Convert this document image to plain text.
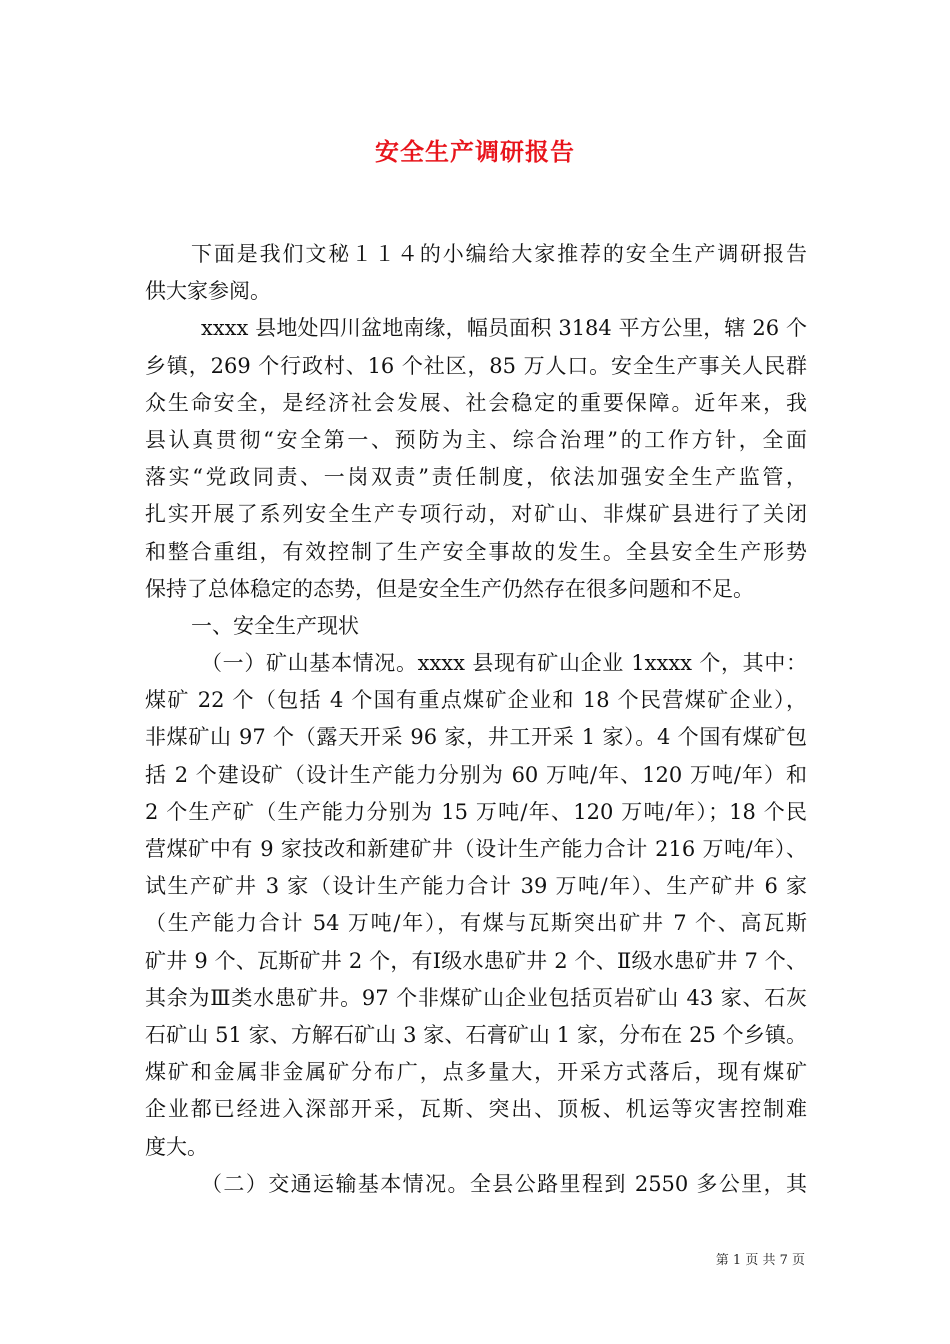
安全生产调研报告
下面是我们文秘１１４的小编给大家推荐的安全生产调研报告
供大家参阅。
xxxx 县地处四川盆地南缘，幅员面积 3184 平方公里，辖 26 个
乡镇，269 个行政村、16 个社区，85 万人口。安全生产事关人民群
众生命安全，是经济社会发展、社会稳定的重要保障。近年来，我
县认真贯彻“安全第一、预防为主、综合治理”的工作方针，全面
落实“党政同责、一岗双责”责任制度，依法加强安全生产监管，
扎实开展了系列安全生产专项行动，对矿山、非煤矿县进行了关闭
和整合重组，有效控制了生产安全事故的发生。全县安全生产形势
保持了总体稳定的态势，但是安全生产仍然存在很多问题和不足。
一、安全生产现状
（一）矿山基本情况。xxxx 县现有矿山企业 1xxxx 个，其中：
煤矿 22 个（包括 4 个国有重点煤矿企业和 18 个民营煤矿企业），
非煤矿山 97 个（露天开采 96 家，井工开采 1 家）。4 个国有煤矿包
括 2 个建设矿（设计生产能力分别为 60 万吨/年、120 万吨/年）和
2 个生产矿（生产能力分别为 15 万吨/年、120 万吨/年）；18 个民
营煤矿中有 9 家技改和新建矿井（设计生产能力合计 216 万吨/年）、
试生产矿井 3 家（设计生产能力合计 39 万吨/年）、生产矿井 6 家
（生产能力合计 54 万吨/年），有煤与瓦斯突出矿井 7 个、高瓦斯
矿井 9 个、瓦斯矿井 2 个，有Ⅰ级水患矿井 2 个、Ⅱ级水患矿井 7 个、
其余为Ⅲ类水患矿井。97 个非煤矿山企业包括页岩矿山 43 家、石灰
石矿山 51 家、方解石矿山 3 家、石膏矿山 1 家，分布在 25 个乡镇。
煤矿和金属非金属矿分布广，点多量大，开采方式落后，现有煤矿
企业都已经进入深部开采，瓦斯、突出、顶板、机运等灾害控制难
度大。
（二）交通运输基本情况。全县公路里程到 2550 多公里，其
第 1 页 共 7 页
